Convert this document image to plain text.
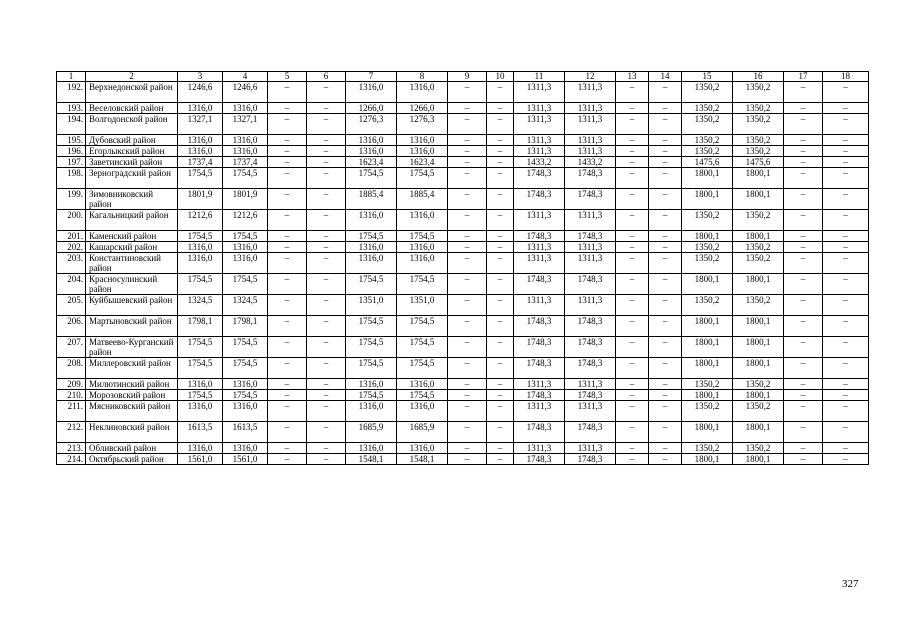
1	2	3	4	5	6	7	8	9	10	11	12	13	14	15	16	17	18
192.	Верхнедонской район	1246,6	1246,6	–	–	1316,0	1316,0	–	–	1311,3	1311,3	–	–	1350,2	1350,2	–	–
193.	Веселовский район	1316,0	1316,0	–	–	1266,0	1266,0	–	–	1311,3	1311,3	–	–	1350,2	1350,2	–	–
194.	Волгодонской район	1327,1	1327,1	–	–	1276,3	1276,3	–	–	1311,3	1311,3	–	–	1350,2	1350,2	–	–
195.	Дубовский район	1316,0	1316,0	–	–	1316,0	1316,0	–	–	1311,3	1311,3	–	–	1350,2	1350,2	–	–
196.	Егорлыкский район	1316,0	1316,0	–	–	1316,0	1316,0	–	–	1311,3	1311,3	–	–	1350,2	1350,2	–	–
197.	Заветинский район	1737,4	1737,4	–	–	1623,4	1623,4	–	–	1433,2	1433,2	–	–	1475,6	1475,6	–	–
198.	Зерноградский район	1754,5	1754,5	–	–	1754,5	1754,5	–	–	1748,3	1748,3	–	–	1800,1	1800,1	–	–
199.	Зимовниковский район	1801,9	1801,9	–	–	1885,4	1885,4	–	–	1748,3	1748,3	–	–	1800,1	1800,1	–	–
200.	Кагальницкий район	1212,6	1212,6	–	–	1316,0	1316,0	–	–	1311,3	1311,3	–	–	1350,2	1350,2	–	–
201.	Каменский район	1754,5	1754,5	–	–	1754,5	1754,5	–	–	1748,3	1748,3	–	–	1800,1	1800,1	–	–
202.	Кашарский район	1316,0	1316,0	–	–	1316,0	1316,0	–	–	1311,3	1311,3	–	–	1350,2	1350,2	–	–
203.	Константиновский район	1316,0	1316,0	–	–	1316,0	1316,0	–	–	1311,3	1311,3	–	–	1350,2	1350,2	–	–
204.	Красносулинский район	1754,5	1754,5	–	–	1754,5	1754,5	–	–	1748,3	1748,3	–	–	1800,1	1800,1	–	–
205.	Куйбышевский район	1324,5	1324,5	–	–	1351,0	1351,0	–	–	1311,3	1311,3	–	–	1350,2	1350,2	–	–
206.	Мартыновский район	1798,1	1798,1	–	–	1754,5	1754,5	–	–	1748,3	1748,3	–	–	1800,1	1800,1	–	–
207.	Матвеево-Курганский район	1754,5	1754,5	–	–	1754,5	1754,5	–	–	1748,3	1748,3	–	–	1800,1	1800,1	–	–
208.	Миллеровский район	1754,5	1754,5	–	–	1754,5	1754,5	–	–	1748,3	1748,3	–	–	1800,1	1800,1	–	–
209.	Милютинский район	1316,0	1316,0	–	–	1316,0	1316,0	–	–	1311,3	1311,3	–	–	1350,2	1350,2	–	–
210.	Морозовский район	1754,5	1754,5	–	–	1754,5	1754,5	–	–	1748,3	1748,3	–	–	1800,1	1800,1	–	–
211.	Мясниковский район	1316,0	1316,0	–	–	1316,0	1316,0	–	–	1311,3	1311,3	–	–	1350,2	1350,2	–	–
212.	Неклиновский район	1613,5	1613,5	–	–	1685,9	1685,9	–	–	1748,3	1748,3	–	–	1800,1	1800,1	–	–
213.	Обливский район	1316,0	1316,0	–	–	1316,0	1316,0	–	–	1311,3	1311,3	–	–	1350,2	1350,2	–	–
214.	Октябрьский район	1561,0	1561,0	–	–	1548,1	1548,1	–	–	1748,3	1748,3	–	–	1800,1	1800,1	–	–
327
